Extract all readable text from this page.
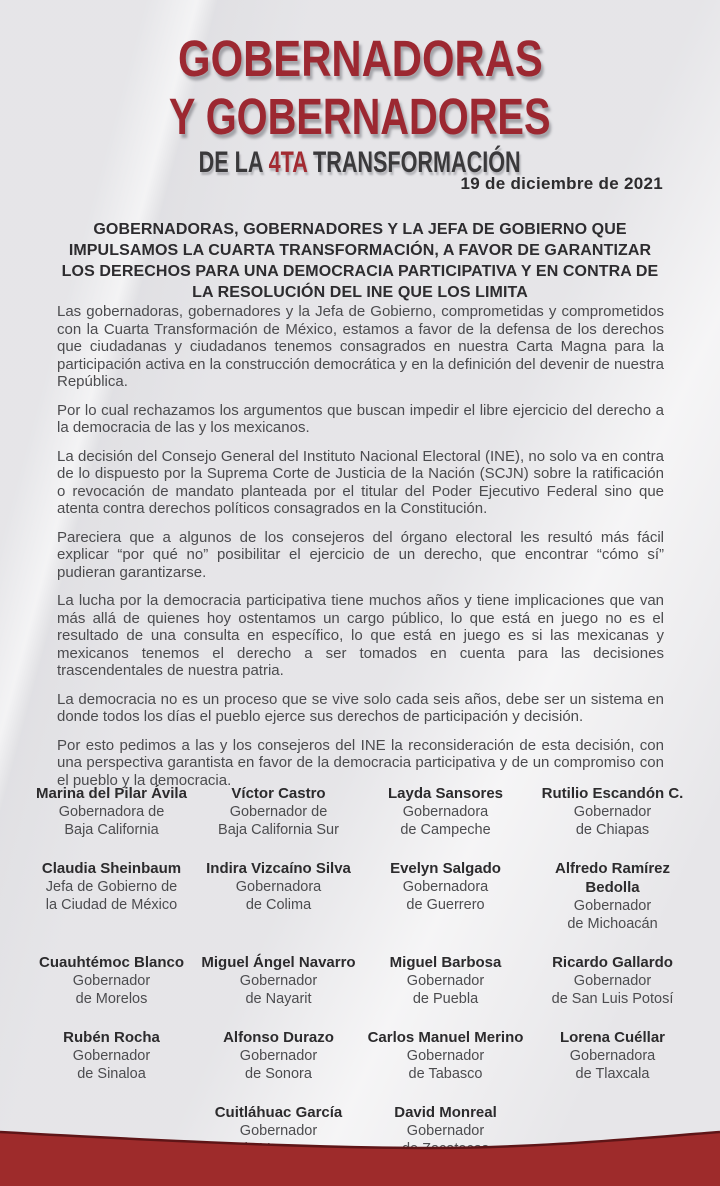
GOBERNADORAS
Y GOBERNADORES
DE LA 4TA TRANSFORMACIÓN
19 de diciembre de 2021
GOBERNADORAS, GOBERNADORES Y LA JEFA DE GOBIERNO QUE
IMPULSAMOS LA CUARTA TRANSFORMACIÓN, A FAVOR DE GARANTIZAR
LOS DERECHOS PARA UNA DEMOCRACIA PARTICIPATIVA Y EN CONTRA DE
LA RESOLUCIÓN DEL INE QUE LOS LIMITA

Las gobernadoras, gobernadores y la Jefa de Gobierno, comprometidas y comprometidos con la Cuarta Transformación de México, estamos a favor de la defensa de los derechos que ciudadanas y ciudadanos tenemos consagrados en nuestra Carta Magna para la participación activa en la construcción democrática y en la definición del devenir de nuestra República.

Por lo cual rechazamos los argumentos que buscan impedir el libre ejercicio del derecho a la democracia de las y los mexicanos.

La decisión del Consejo General del Instituto Nacional Electoral (INE), no solo va en contra de lo dispuesto por la Suprema Corte de Justicia de la Nación (SCJN) sobre la ratificación o revocación de mandato planteada por el titular del Poder Ejecutivo Federal sino que atenta contra derechos políticos consagrados en la Constitución.

Pareciera que a algunos de los consejeros del órgano electoral les resultó más fácil explicar “por qué no” posibilitar el ejercicio de un derecho, que encontrar “cómo sí” pudieran garantizarse.

La lucha por la democracia participativa tiene muchos años y tiene implicaciones que van más allá de quienes hoy ostentamos un cargo público, lo que está en juego no es el resultado de una consulta en específico, lo que está en juego es si las mexicanas y mexicanos tenemos el derecho a ser tomados en cuenta para las decisiones trascendentales de nuestra patria.

La democracia no es un proceso que se vive solo cada seis años, debe ser un sistema en donde todos los días el pueblo ejerce sus derechos de participación y decisión.

Por esto pedimos a las y los consejeros del INE la reconsideración de esta decisión, con una perspectiva garantista en favor de la democracia participativa y de un compromiso con el pueblo y la democracia.

Marina del Pilar Ávila
Gobernadora de
Baja California
Víctor Castro
Gobernador de
Baja California Sur
Layda Sansores
Gobernadora
de Campeche
Rutilio Escandón C.
Gobernador
de Chiapas
Claudia Sheinbaum
Jefa de Gobierno de
la Ciudad de México
Indira Vizcaíno Silva
Gobernadora
de Colima
Evelyn Salgado
Gobernadora
de Guerrero
Alfredo Ramírez Bedolla
Gobernador
de Michoacán
Cuauhtémoc Blanco
Gobernador
de Morelos
Miguel Ángel Navarro
Gobernador
de Nayarit
Miguel Barbosa
Gobernador
de Puebla
Ricardo Gallardo
Gobernador
de San Luis Potosí
Rubén Rocha
Gobernador
de Sinaloa
Alfonso Durazo
Gobernador
de Sonora
Carlos Manuel Merino
Gobernador
de Tabasco
Lorena Cuéllar
Gobernadora
de Tlaxcala
Cuitláhuac García
Gobernador
David Monreal
Gobernador
